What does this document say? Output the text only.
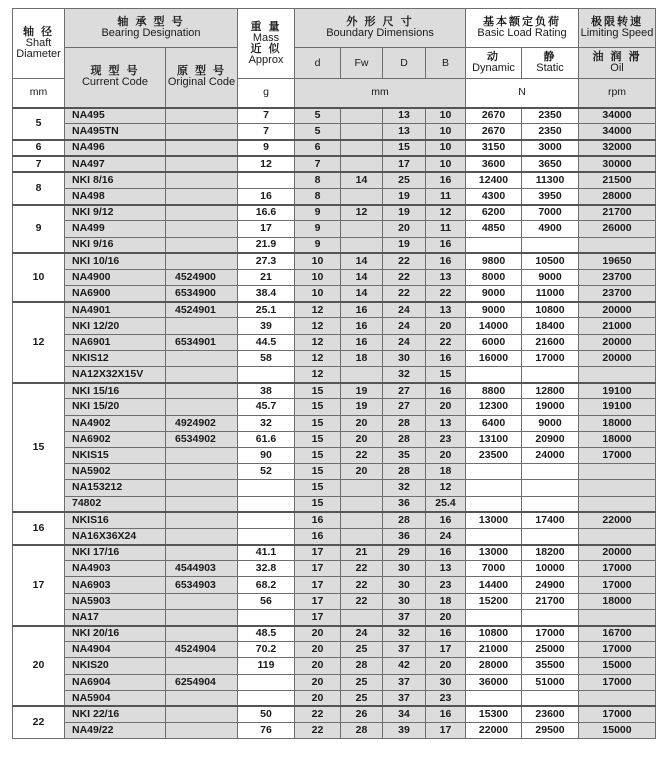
轴 径
Shaft
Diameter	轴 承 型 号
Bearing Designation		重 量
Mass
近 似
Approx	外 形 尺 寸
Boundary Dimensions				基本额定负荷
Basic Load Rating		极限转速
Limiting Speed

	现 型 号
Current Code	原 型 号
Original Code		d	Fw	D	B	动
Dynamic	静
Static	油 润 滑
Oil

mm			g	mm				N		rpm
5	NA495		7	5		13	10	2670	2350	34000
	NA495TN		7	5		13	10	2670	2350	34000
6	NA496		9	6		15	10	3150	3000	32000
7	NA497		12	7		17	10	3600	3650	30000
8	NKI 8/16			8	14	25	16	12400	11300	21500
	NA498		16	8		19	11	4300	3950	28000
9	NKI 9/12		16.6	9	12	19	12	6200	7000	21700
	NA499		17	9		20	11	4850	4900	26000
	NKI 9/16		21.9	9		19	16			
10	NKI 10/16		27.3	10	14	22	16	9800	10500	19650
	NA4900	4524900	21	10	14	22	13	8000	9000	23700
	NA6900	6534900	38.4	10	14	22	22	9000	11000	23700
12	NA4901	4524901	25.1	12	16	24	13	9000	10800	20000
	NKI 12/20		39	12	16	24	20	14000	18400	21000
	NA6901	6534901	44.5	12	16	24	22	6000	21600	20000
	NKIS12		58	12	18	30	16	16000	17000	20000
	NA12X32X15V			12		32	15			
15	NKI 15/16		38	15	19	27	16	8800	12800	19100
	NKI 15/20		45.7	15	19	27	20	12300	19000	19100
	NA4902	4924902	32	15	20	28	13	6400	9000	18000
	NA6902	6534902	61.6	15	20	28	23	13100	20900	18000
	NKIS15		90	15	22	35	20	23500	24000	17000
	NA5902		52	15	20	28	18			
	NA153212			15		32	12			
	74802			15		36	25.4			
16	NKIS16			16		28	16	13000	17400	22000
	NA16X36X24			16		36	24			
17	NKI 17/16		41.1	17	21	29	16	13000	18200	20000
	NA4903	4544903	32.8	17	22	30	13	7000	10000	17000
	NA6903	6534903	68.2	17	22	30	23	14400	24900	17000
	NA5903		56	17	22	30	18	15200	21700	18000
	NA17			17		37	20			
20	NKI 20/16		48.5	20	24	32	16	10800	17000	16700
	NA4904	4524904	70.2	20	25	37	17	21000	25000	17000
	NKIS20		119	20	28	42	20	28000	35500	15000
	NA6904	6254904		20	25	37	30	36000	51000	17000
	NA5904			20	25	37	23			
22	NKI 22/16		50	22	26	34	16	15300	23600	17000
	NA49/22		76	22	28	39	17	22000	29500	15000
